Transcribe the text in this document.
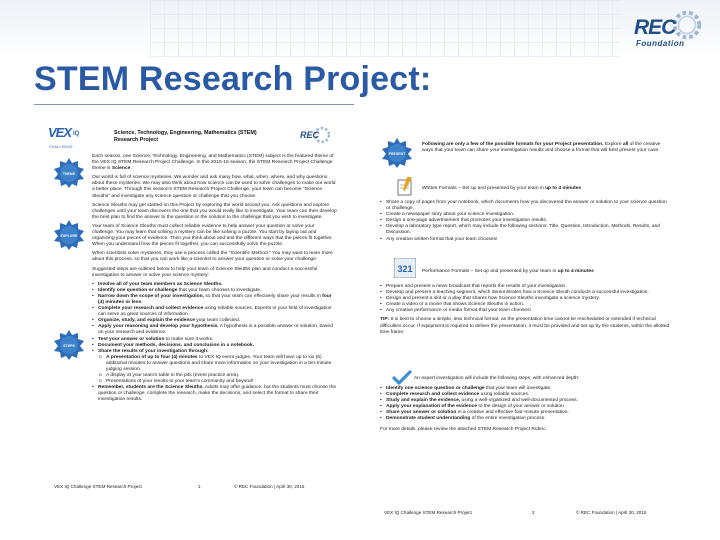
REC
Foundation
STEM Research Project:
VEX IQ
CHALLENGE
Science, Technology, Engineering, Mathematics (STEM)
Research Project	REC
THEME
EXPLORE
STEPS

Each season, one Science, Technology, Engineering, and Mathematics (STEM) subject is the featured theme of the VEX IQ STEM Research Project Challenge. In this 2015-16 season, the STEM Research Project Challenge theme is Science.

Our world is full of science mysteries. We wonder and ask many how, what, when, where, and why questions about these mysteries. We may also think about how science can be used to solve challenges to make our world a better place. Through this season's STEM Research Project Challenge, your team can become "Science Sleuths" and investigate any science question or challenge that you choose.

Science Sleuths may get started on this Project by exploring the world around you. Ask questions and explore challenges until your team discovers the one that you would really like to investigate. Your team can then develop the best plan to find the answer to the question or the solution to the challenge that you wish to investigate.

Your team of Science Sleuths must collect reliable evidence to help answer your question or solve your challenge. You may learn that solving a mystery can be like solving a puzzle. You start by laying out and organizing your pieces of evidence. Then you think about and test the different ways that the pieces fit together. When you understand how the pieces fit together, you can successfully solve the puzzle.

When scientists solve mysteries, they use a process called the "Scientific Method." You may want to learn more about this process, so that you can work like a scientist to answer your question or solve your challenge.

Suggested steps are outlined below to help your team of Science Sleuths plan and conduct a successful investigation to answer or solve your science mystery:

• Involve all of your team members as Science Sleuths.
• Identify one question or challenge that your team chooses to investigate.
• Narrow down the scope of your investigation, so that your team can effectively share your results in four (4) minutes or less.
• Complete your research and collect evidence using reliable sources. Experts in your field of investigation can serve as great sources of information.
• Organize, study, and explain the evidence your team collected.
• Apply your reasoning and develop your hypothesis. A hypothesis is a possible answer or solution, based on your research and evidence.
• Test your answer or solution to make sure it works.
• Document your methods, decisions, and conclusion in a notebook.
• Share the results of your investigation through:
o A presentation of up to four (4) minutes to VEX IQ event judges. Your team will have up to six (6) additional minutes to answer questions and share more information on your investigation in a ten-minute judging session.
o A display at your team's table in the pits (event practice area).
o Presentations of your results to your team's community and beyond!
• Remember, students are the Science Sleuths. Adults may offer guidance, but the students must choose the question or challenge, complete the research, make the decisions, and select the format to share their investigation results.
VEX IQ Challenge STEM Research Project	1	© REC Foundation | April 30, 2015
PRESENT

Following are only a few of the possible formats for your Project presentation. Explore all of the creative ways that your team can share your investigation results and choose a format that will best present your case.

Written Formats – Set up and presented by your team in up to 4 minutes

• Share a copy of pages from your notebook, which documents how you discovered the answer or solution to your science question or challenge.
• Create a newspaper story about your science investigation.
• Design a one-page advertisement that promotes your investigation results.
• Develop a laboratory type report, which may include the following sections: Title, Question, Introduction, Methods, Results, and Discussion.
• Any creative written format that your team chooses!
321 Performance Formats – Set up and presented by your team in up to 4 minutes

• Prepare and present a news broadcast that reports the results of your investigation.
• Develop and present a teaching segment, which demonstrates how a Science Sleuth conducts a successful investigation.
• Design and present a skit or a play that shares how Science Sleuths investigate a science mystery.
• Create a video or a movie that shows Science Sleuths in action.
• Any creative performance or media format that your team chooses!

TIP: It is best to choose a simple, less technical format, as the presentation time cannot be rescheduled or extended if technical difficulties occur. If equipment is required to deliver the presentation, it must be provided and set up by the students, within the allotted time frame.

An expert investigation will include the following steps, with enhanced depth:
• Identify one science question or challenge that your team will investigate.
• Complete research and collect evidence using reliable sources.
• Study and explain the evidence, using a well-organized and well-documented process.
• Apply your explanation of the evidence to the design of your answer or solution.
• Share your answer or solution in a creative and effective four-minute presentation.
• Demonstrate student understanding of the entire investigative process.

For more details, please review the attached STEM Research Project Rubric.

VEX IQ Challenge STEM Research Project	2	© REC Foundation | April 30, 2015
